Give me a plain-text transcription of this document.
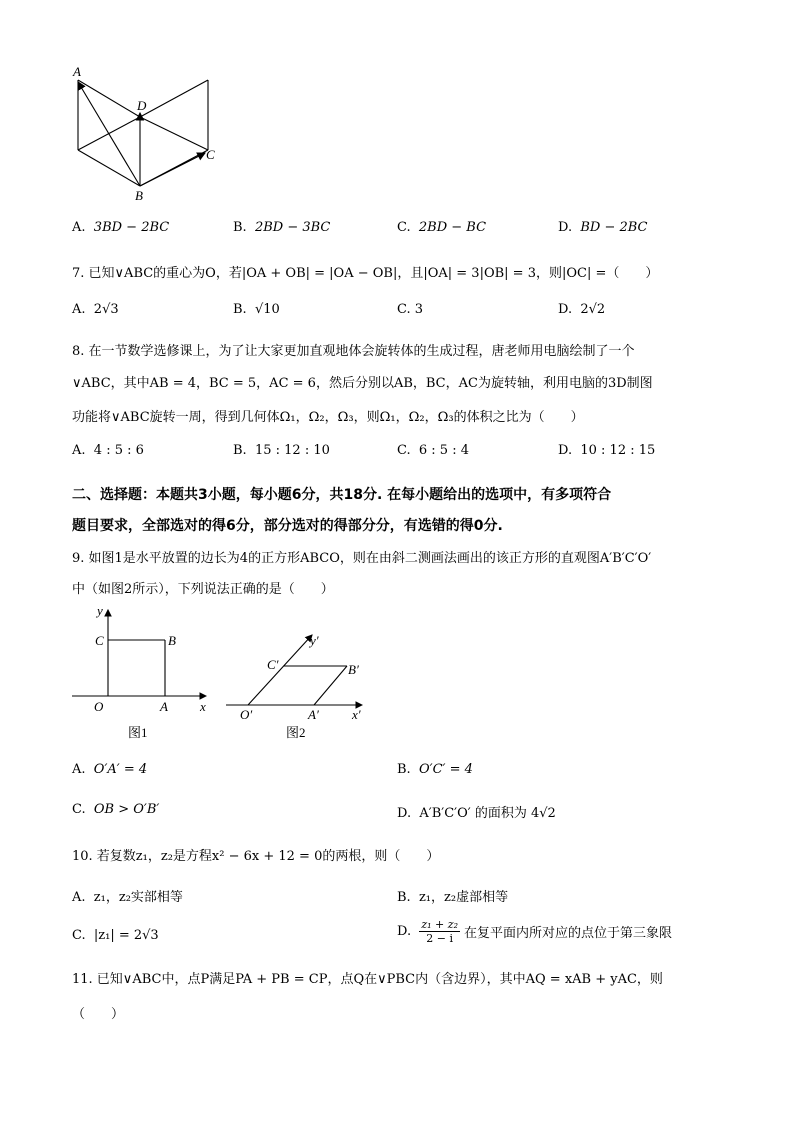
A
D
C
B
A. 3BD − 2BC	B. 2BD − 3BC	C. 2BD − BC	D. BD − 2BC
7. 已知∨ABC的重心为O，若|OA + OB| = |OA − OB|，且|OA| = 3|OB| = 3，则|OC| =（　　）
A. 2√3	B. √10	C. 3	D. 2√2
8. 在一节数学选修课上，为了让大家更加直观地体会旋转体的生成过程，唐老师用电脑绘制了一个
∨ABC，其中AB = 4，BC = 5，AC = 6，然后分别以AB，BC，AC为旋转轴，利用电脑的3D制图
功能将∨ABC旋转一周，得到几何体Ω₁，Ω₂，Ω₃，则Ω₁，Ω₂，Ω₃的体积之比为（　　）
A. 4 : 5 : 6	B. 15 : 12 : 10	C. 6 : 5 : 4	D. 10 : 12 : 15
二、选择题：本题共3小题，每小题6分，共18分. 在每小题给出的选项中，有多项符合
题目要求，全部选对的得6分，部分选对的得部分分，有选错的得0分.
9. 如图1是水平放置的边长为4的正方形ABCO，则在由斜二测画法画出的该正方形的直观图A′B′C′O′
中（如图2所示），下列说法正确的是（　　）
y
C	B
O	A x
图1
y′
C′	B′
O′	A′	x′
图2
A. O′A′ = 4	B. O′C′ = 4
C. OB > O′B′	D. A′B′C′O′ 的面积为 4√2
10. 若复数z₁，z₂是方程x² − 6x + 12 = 0的两根，则（　　）
A. z₁，z₂实部相等	B. z₁，z₂虚部相等
C. |z₁| = 2√3	D.
z₁ + z₂
2 − i 在复平面内所对应的点位于第三象限
11. 已知∨ABC中，点P满足PA + PB = CP，点Q在∨PBC内（含边界），其中AQ = xAB + yAC，则
（　　）
